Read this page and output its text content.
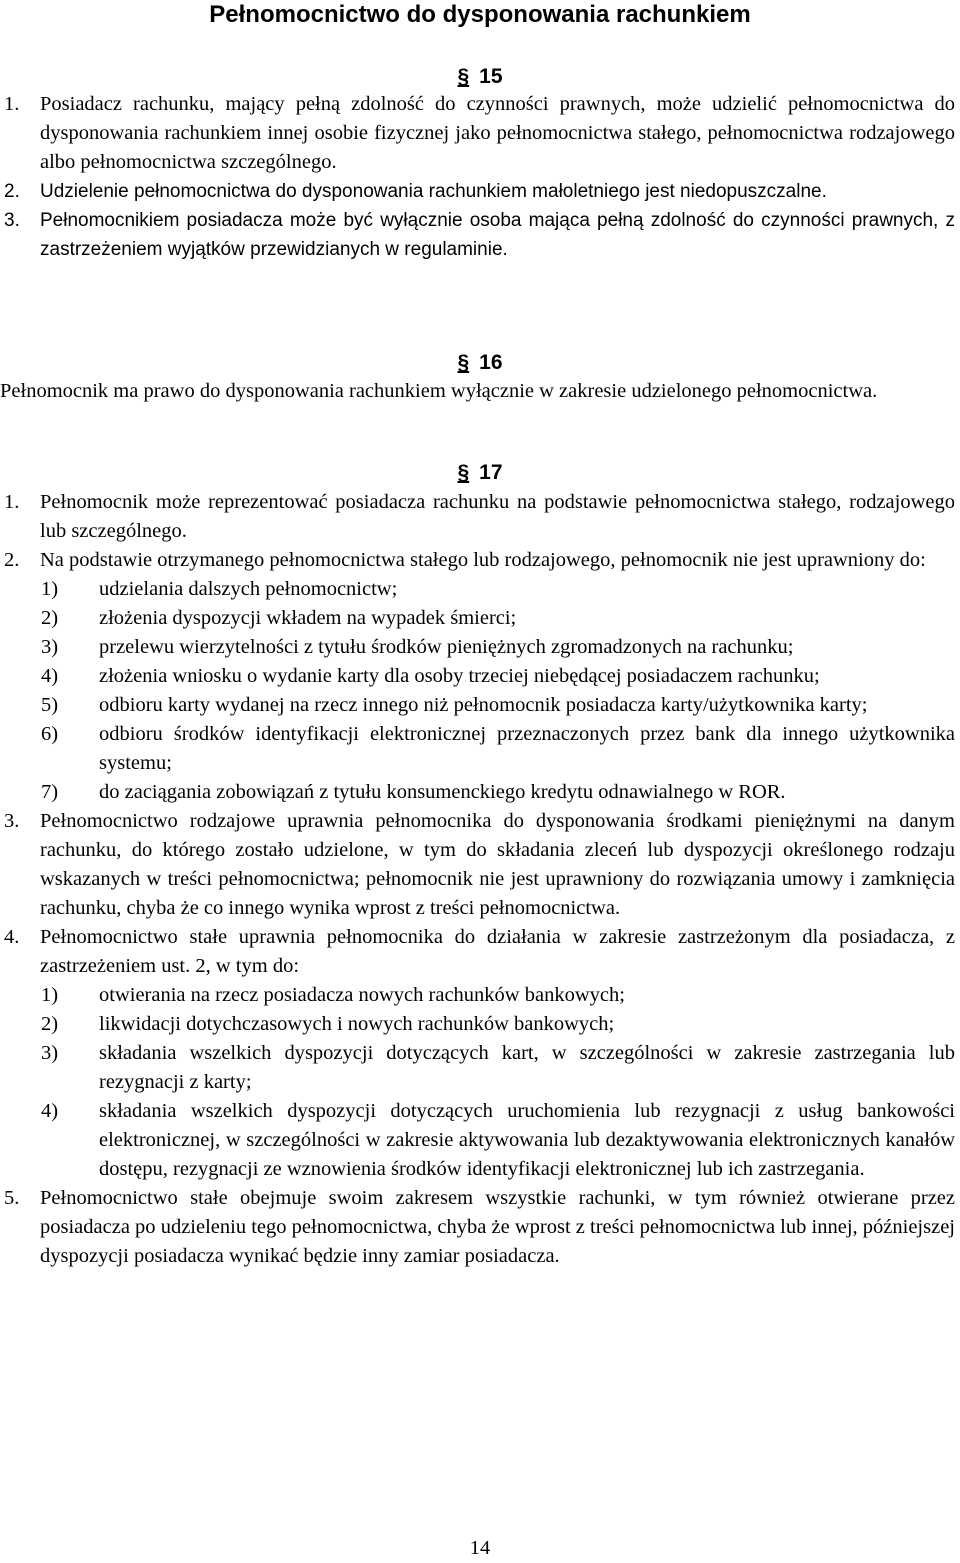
Pełnomocnictwo do dysponowania rachunkiem
§ 15
1.	Posiadacz rachunku, mający pełną zdolność do czynności prawnych, może udzielić pełnomocnictwa do dysponowania rachunkiem innej osobie fizycznej jako pełnomocnictwa stałego, pełnomocnictwa rodzajowego albo pełnomocnictwa szczególnego.
2.	Udzielenie pełnomocnictwa do dysponowania rachunkiem małoletniego jest niedopuszczalne.
3.	Pełnomocnikiem posiadacza może być wyłącznie osoba mająca pełną zdolność do czynności prawnych, z zastrzeżeniem wyjątków przewidzianych w regulaminie.
§ 16
Pełnomocnik ma prawo do dysponowania rachunkiem wyłącznie w zakresie udzielonego pełnomocnictwa.
§ 17
1.	Pełnomocnik może reprezentować posiadacza rachunku na podstawie pełnomocnictwa stałego, rodzajowego lub szczególnego.
2.	Na podstawie otrzymanego pełnomocnictwa stałego lub rodzajowego, pełnomocnik nie jest uprawniony do:
1)	udzielania dalszych pełnomocnictw;
2)	złożenia dyspozycji wkładem na wypadek śmierci;
3)	przelewu wierzytelności z tytułu środków pieniężnych zgromadzonych na rachunku;
4)	złożenia wniosku o wydanie karty dla osoby trzeciej niebędącej posiadaczem rachunku;
5)	odbioru karty wydanej na rzecz innego niż pełnomocnik posiadacza karty/użytkownika karty;
6)	odbioru środków identyfikacji elektronicznej przeznaczonych przez bank dla innego użytkownika systemu;
7)	do zaciągania zobowiązań z tytułu konsumenckiego kredytu odnawialnego w ROR.
3.	Pełnomocnictwo rodzajowe uprawnia pełnomocnika do dysponowania środkami pieniężnymi na danym rachunku, do którego zostało udzielone, w tym do składania zleceń lub dyspozycji określonego rodzaju wskazanych w treści pełnomocnictwa; pełnomocnik nie jest uprawniony do rozwiązania umowy i zamknięcia rachunku, chyba że co innego wynika wprost z treści pełnomocnictwa.
4.	Pełnomocnictwo stałe uprawnia pełnomocnika do działania w zakresie zastrzeżonym dla posiadacza, z zastrzeżeniem ust. 2, w tym do:
1)	otwierania na rzecz posiadacza nowych rachunków bankowych;
2)	likwidacji dotychczasowych i nowych rachunków bankowych;
3)	składania wszelkich dyspozycji dotyczących kart, w szczególności w zakresie zastrzegania lub rezygnacji z karty;
4)	składania wszelkich dyspozycji dotyczących uruchomienia lub rezygnacji z usług bankowości elektronicznej, w szczególności w zakresie aktywowania lub dezaktywowania elektronicznych kanałów dostępu, rezygnacji ze wznowienia środków identyfikacji elektronicznej lub ich zastrzegania.
5.	Pełnomocnictwo stałe obejmuje swoim zakresem wszystkie rachunki, w tym również otwierane przez posiadacza po udzieleniu tego pełnomocnictwa, chyba że wprost z treści pełnomocnictwa lub innej, późniejszej dyspozycji posiadacza wynikać będzie inny zamiar posiadacza.
14
